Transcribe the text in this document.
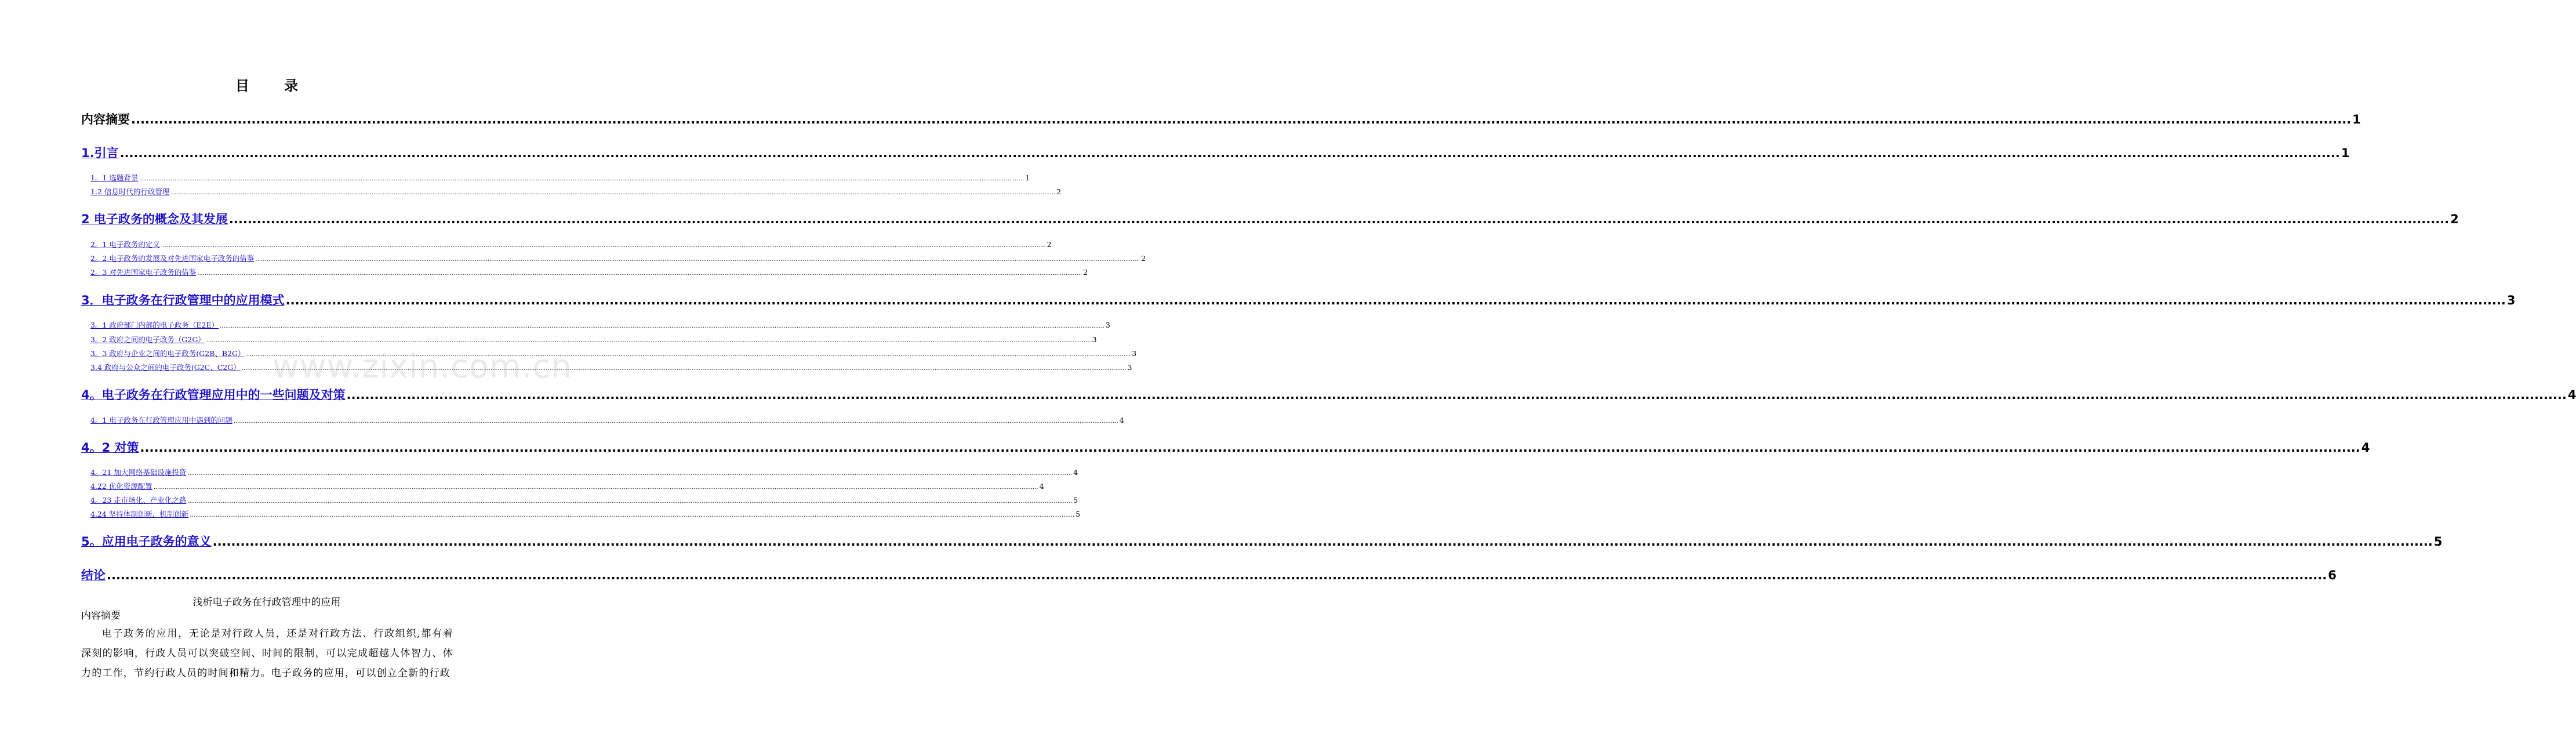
目 录
内容摘要 .....	1
1.引言 .....	1
1。1 选题背景 .....	1
1.2 信息时代的行政管理 .....	2
2 电子政务的概念及其发展 .....	2
2。1 电子政务的定义 .....	2
2。2 电子政务的发展及对先进国家电子政务的借鉴 .....	2
2。3 对先进国家电子政务的借鉴 .....	2
3．电子政务在行政管理中的应用模式 .....	3
3。1 政府部门内部的电子政务（E2E） .....	3
3。2 政府之间的电子政务（G2G） .....	3
3。3 政府与企业之间的电子政务(G2B、B2G） .....	3
3.4 政府与公众之间的电子政务(G2C、C2G） .....	3
4。电子政务在行政管理应用中的一些问题及对策 .....	4
4。1 电子政务在行政管理应用中遇到的问题 .....	4
4。2 对策 .....	4
4。21 加大网络基础设施投资 .....	4
4.22 优化资源配置 .....	4
4。23 走市场化、产业化之路 .....	5
4.24 坚持体制创新，机制创新 .....	5
5。应用电子政务的意义 .....	5
结论 .....	6
www.zixin.com.cn
浅析电子政务在行政管理中的应用
内容摘要
电子政务的应用，无论是对行政人员，还是对行政方法、行政组织,都有着深刻的影响，行政人员可以突破空间、时间的限制，可以完成超越人体智力、体力的工作，节约行政人员的时间和精力。电子政务的应用，可以创立全新的行政
